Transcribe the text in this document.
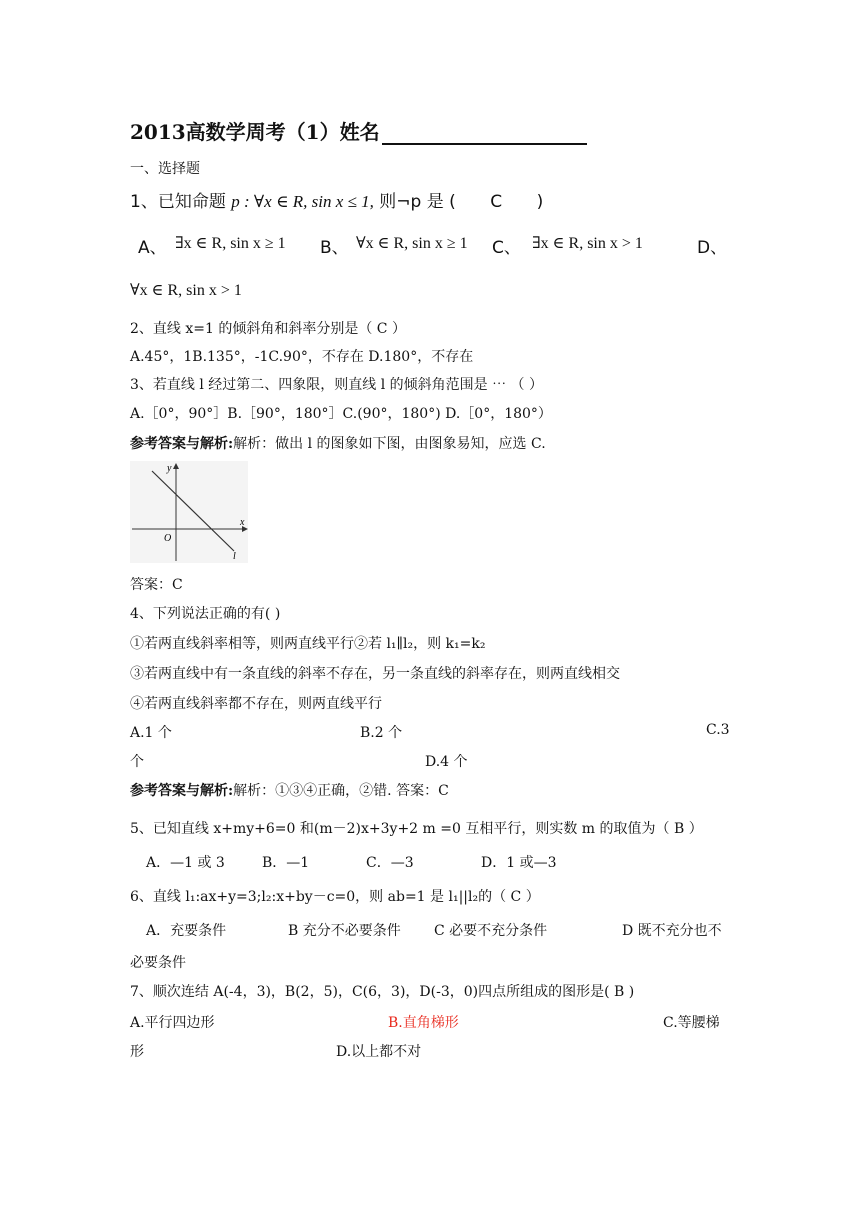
2013高数学周考（1）姓名
一、选择题
1、已知命题 p : ∀x ∈ R, sin x ≤ 1, 则¬p 是 ( C )
A、 ∃x ∈ R, sin x ≥ 1 B、 ∀x ∈ R, sin x ≥ 1 C、 ∃x ∈ R, sin x > 1	D、
∀x ∈ R, sin x > 1
2、直线 x=1 的倾斜角和斜率分别是（ C ）
A.45°，1B.135°，-1C.90°，不存在 D.180°，不存在
3、若直线 l 经过第二、四象限，则直线 l 的倾斜角范围是 ⋯ （ ）
A.［0°，90°］B.［90°，180°］C.(90°，180°) D.［0°，180°）
参考答案与解析:解析：做出 l 的图象如下图，由图象易知，应选 C.
y
x
O
l
答案：C
4、下列说法正确的有( )
①若两直线斜率相等，则两直线平行②若 l₁∥l₂，则 k₁=k₂
③若两直线中有一条直线的斜率不存在，另一条直线的斜率存在，则两直线相交
④若两直线斜率都不存在，则两直线平行
A.1 个	B.2 个	C.3
个	D.4 个
参考答案与解析:解析：①③④正确，②错. 答案：C
5、已知直线 x+my+6=0 和(m－2)x+3y+2 m =0 互相平行，则实数 m 的取值为（ B ）
A．—1 或 3	B．—1	C．—3	D．1 或—3
6、直线 l₁:ax+y=3;l₂:x+by－c=0，则 ab=1 是 l₁||l₂的（ C ）
A．充要条件	B 充分不必要条件 C 必要不充分条件	D 既不充分也不
必要条件
7、顺次连结 A(-4，3)，B(2，5)，C(6，3)，D(-3，0)四点所组成的图形是( B )
A.平行四边形	B.直角梯形	C.等腰梯
形	D.以上都不对
